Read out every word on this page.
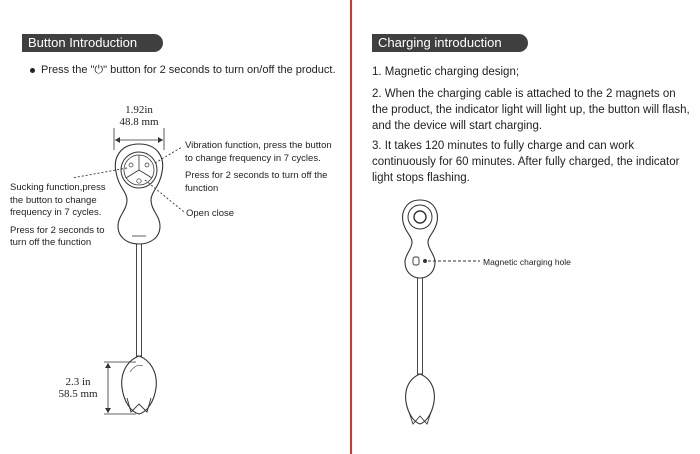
Button Introduction
Press the "⏻" button for 2 seconds to turn on/off the product.
1.92in
48.8 mm
Vibration function, press the button
to change frequency in 7 cycles.
Press for 2 seconds to turn off the
function
Open close
Sucking function,press
the button to change
frequency in 7 cycles.
Press for 2 seconds to
turn off the function
2.3 in
58.5 mm
Charging introduction
1. Magnetic charging design;
2. When the charging cable is attached to the 2 magnets on the product, the indicator light will light up, the button will flash, and the device will start charging.
3. It takes 120 minutes to fully charge and can work continuously for 60 minutes. After fully charged, the indicator light stops flashing.
Magnetic charging hole
